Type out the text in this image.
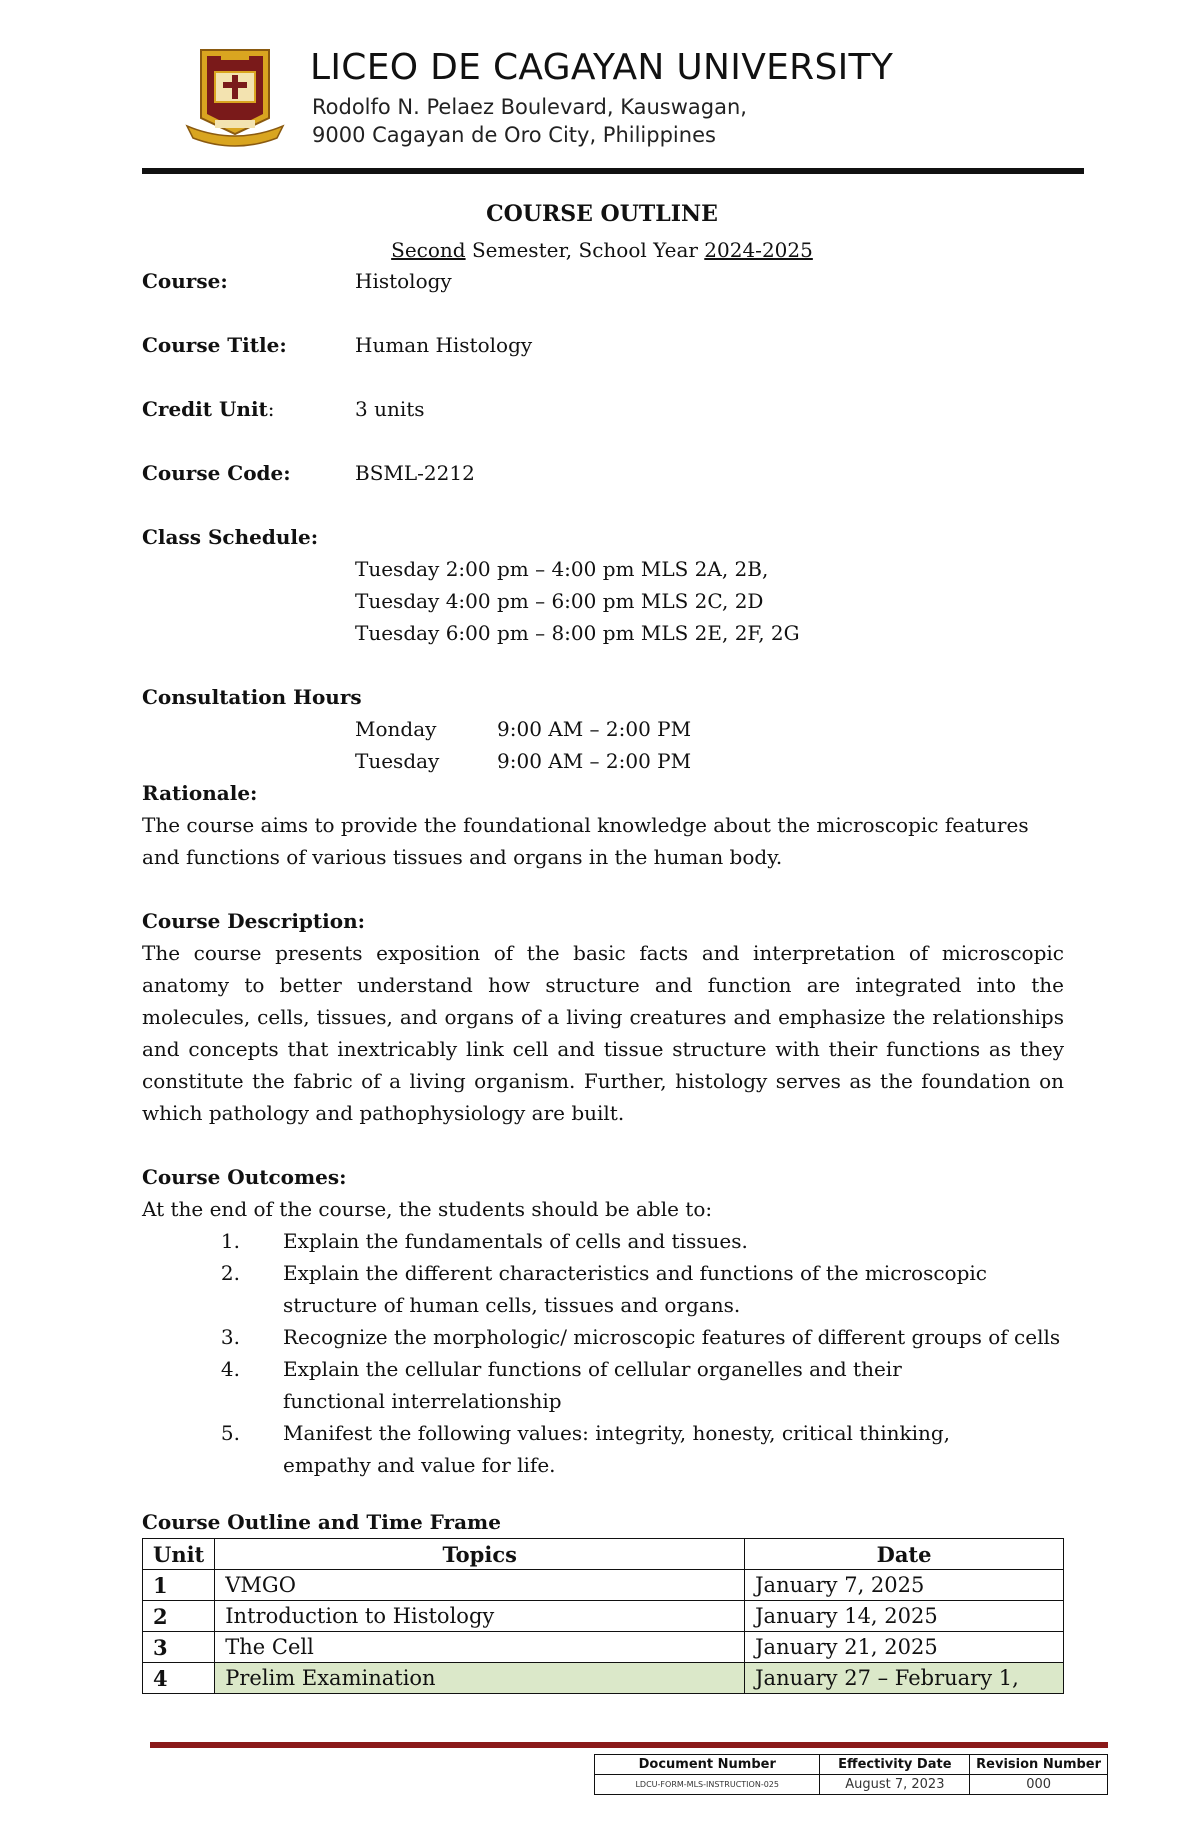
LICEO DE CAGAYAN UNIVERSITY
Rodolfo N. Pelaez Boulevard, Kauswagan,
9000 Cagayan de Oro City, Philippines
COURSE OUTLINE
Second Semester, School Year 2024-2025
Course:	Histology
Course Title:	Human Histology
Credit Unit:	3 units
Course Code:	BSML-2212
Class Schedule:
Tuesday 2:00 pm – 4:00 pm MLS 2A, 2B,
Tuesday 4:00 pm – 6:00 pm MLS 2C, 2D
Tuesday 6:00 pm – 8:00 pm MLS 2E, 2F, 2G
Consultation Hours
Monday	9:00 AM – 2:00 PM
Tuesday	9:00 AM – 2:00 PM
Rationale:
The course aims to provide the foundational knowledge about the microscopic features and functions of various tissues and organs in the human body.
Course Description:
The course presents exposition of the basic facts and interpretation of microscopic anatomy to better understand how structure and function are integrated into the molecules, cells, tissues, and organs of a living creatures and emphasize the relationships and concepts that inextricably link cell and tissue structure with their functions as they constitute the fabric of a living organism. Further, histology serves as the foundation on which pathology and pathophysiology are built.
Course Outcomes:
At the end of the course, the students should be able to:
1. Explain the fundamentals of cells and tissues.
2. Explain the different characteristics and functions of the microscopic structure of human cells, tissues and organs.
3. Recognize the morphologic/ microscopic features of different groups of cells
4. Explain the cellular functions of cellular organelles and their functional interrelationship
5. Manifest the following values: integrity, honesty, critical thinking, empathy and value for life.
Course Outline and Time Frame
Unit	Topics	Date
1	VMGO	January 7, 2025
2	Introduction to Histology	January 14, 2025
3	The Cell	January 21, 2025
4	Prelim Examination	January 27 – February 1,
Document Number	Effectivity Date	Revision Number
LDCU-FORM-MLS-INSTRUCTION-025	August 7, 2023	000
